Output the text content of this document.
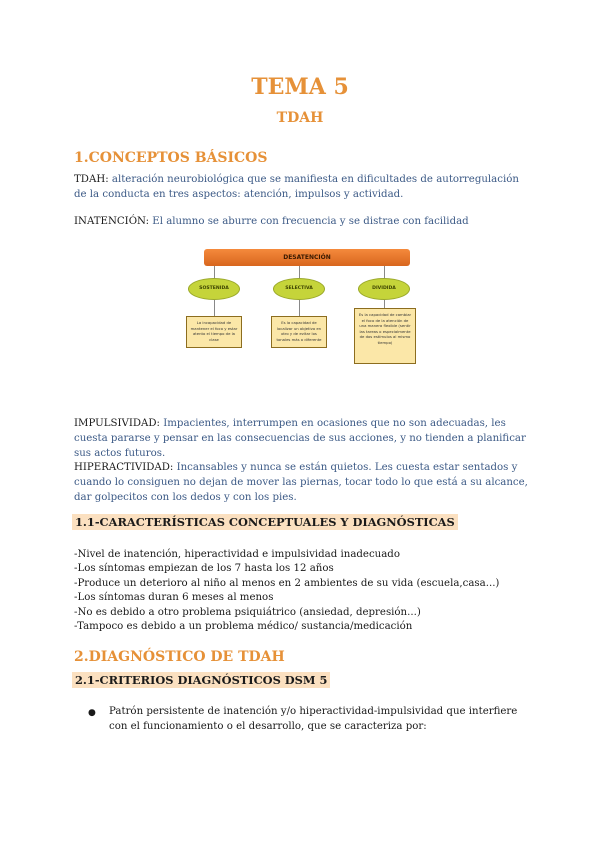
TEMA 5
TDAH
1.CONCEPTOS BÁSICOS
TDAH: alteración neurobiológica que se manifiesta en dificultades de autorregulación de la conducta en tres aspectos: atención, impulsos y actividad.
INATENCIÓN: El alumno se aburre con frecuencia y se distrae con facilidad
DESATENCIÓN
SOSTENIDA	SELECTIVA	DIVIDIDA
La incapacidad de mantener el foco y estar atento el tiempo de la clase
Es la capacidad de localizar un objetivo en otro y de evitar los tonales más o diferente
Es la capacidad de cambiar el foco de la atención de una manera flexible (sentir las tareas o especialmente de dos estímulos al mismo tiempo)
IMPULSIVIDAD: Impacientes, interrumpen en ocasiones que no son adecuadas, les cuesta pararse y pensar en las consecuencias de sus acciones, y no tienden a planificar sus actos futuros.
HIPERACTIVIDAD: Incansables y nunca se están quietos. Les cuesta estar sentados y cuando lo consiguen no dejan de mover las piernas, tocar todo lo que está a su alcance, dar golpecitos con los dedos y con los pies.
1.1-CARACTERÍSTICAS CONCEPTUALES Y DIAGNÓSTICAS
-Nivel de inatención, hiperactividad e impulsividad inadecuado
-Los síntomas empiezan de los 7 hasta los 12 años
-Produce un deterioro al niño al menos en 2 ambientes de su vida (escuela,casa...)
-Los síntomas duran 6 meses al menos
-No es debido a otro problema psiquiátrico (ansiedad, depresión...)
-Tampoco es debido a un problema médico/ sustancia/medicación
2.DIAGNÓSTICO DE TDAH
2.1-CRITERIOS DIAGNÓSTICOS DSM 5
● Patrón persistente de inatención y/o hiperactividad-impulsividad que interfiere con el funcionamiento o el desarrollo, que se caracteriza por:
